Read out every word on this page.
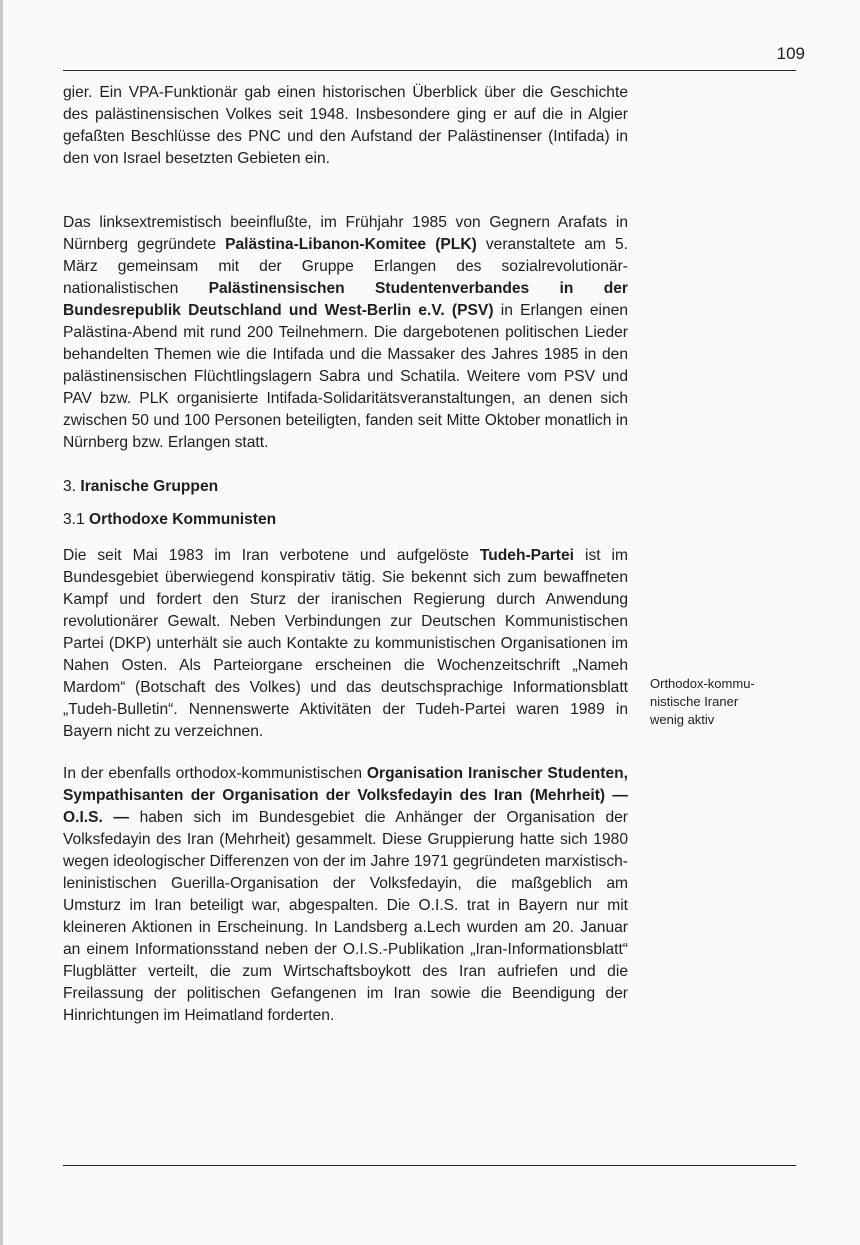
109

gier. Ein VPA-Funktionär gab einen historischen Überblick über die Geschichte des palästinensischen Volkes seit 1948. Insbesondere ging er auf die in Algier gefaßten Beschlüsse des PNC und den Aufstand der Palästinenser (Intifada) in den von Israel besetzten Gebieten ein.

Das linksextremistisch beeinflußte, im Frühjahr 1985 von Gegnern Arafats in Nürnberg gegründete Palästina-Libanon-Komitee (PLK) veranstaltete am 5. März gemeinsam mit der Gruppe Erlangen des sozialrevolutionär-nationalistischen Palästinensischen Studentenverbandes in der Bundesrepublik Deutschland und West-Berlin e.V. (PSV) in Erlangen einen Palästina-Abend mit rund 200 Teilnehmern. Die dargebotenen politischen Lieder behandelten Themen wie die Intifada und die Massaker des Jahres 1985 in den palästinensischen Flüchtlingslagern Sabra und Schatila. Weitere vom PSV und PAV bzw. PLK organisierte Intifada-Solidaritätsveranstaltungen, an denen sich zwischen 50 und 100 Personen beteiligten, fanden seit Mitte Oktober monatlich in Nürnberg bzw. Erlangen statt.

3. Iranische Gruppen
3.1 Orthodoxe Kommunisten

Die seit Mai 1983 im Iran verbotene und aufgelöste Tudeh-Partei ist im Bundesgebiet überwiegend konspirativ tätig. Sie bekennt sich zum bewaffneten Kampf und fordert den Sturz der iranischen Regierung durch Anwendung revolutionärer Gewalt. Neben Verbindungen zur Deutschen Kommunistischen Partei (DKP) unterhält sie auch Kontakte zu kommunistischen Organisationen im Nahen Osten. Als Parteiorgane erscheinen die Wochenzeitschrift „Nameh Mardom“ (Botschaft des Volkes) und das deutschsprachige Informationsblatt „Tudeh-Bulletin“. Nennenswerte Aktivitäten der Tudeh-Partei waren 1989 in Bayern nicht zu verzeichnen.

In der ebenfalls orthodox-kommunistischen Organisation Iranischer Studenten, Sympathisanten der Organisation der Volksfedayin des Iran (Mehrheit) — O.I.S. — haben sich im Bundesgebiet die Anhänger der Organisation der Volksfedayin des Iran (Mehrheit) gesammelt. Diese Gruppierung hatte sich 1980 wegen ideologischer Differenzen von der im Jahre 1971 gegründeten marxistisch-leninistischen Guerilla-Organisation der Volksfedayin, die maßgeblich am Umsturz im Iran beteiligt war, abgespalten. Die O.I.S. trat in Bayern nur mit kleineren Aktionen in Erscheinung. In Landsberg a.Lech wurden am 20. Januar an einem Informationsstand neben der O.I.S.-Publikation „Iran-Informationsblatt“ Flugblätter verteilt, die zum Wirtschaftsboykott des Iran aufriefen und die Freilassung der politischen Gefangenen im Iran sowie die Beendigung der Hinrichtungen im Heimatland forderten.

Orthodox-kommu-
nistische Iraner
wenig aktiv
